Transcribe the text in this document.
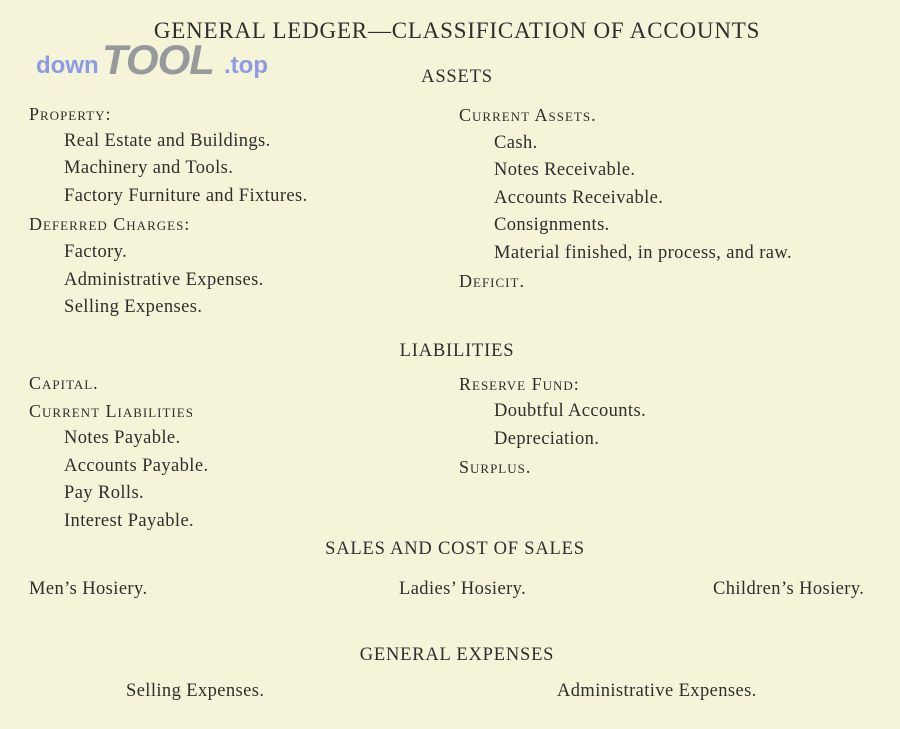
GENERAL LEDGER—CLASSIFICATION OF ACCOUNTS
down TOOL .top	ASSETS
Property:
Real Estate and Buildings.
Machinery and Tools.
Factory Furniture and Fixtures.
Deferred Charges:
Factory.
Administrative Expenses.
Selling Expenses.
Current Assets.
Cash.
Notes Receivable.
Accounts Receivable.
Consignments.
Material finished, in process, and raw.
Deficit.
LIABILITIES
Capital.
Current Liabilities
Notes Payable.
Accounts Payable.
Pay Rolls.
Interest Payable.
Reserve Fund:
Doubtful Accounts.
Depreciation.
Surplus.
SALES AND COST OF SALES
Men’s Hosiery.	Ladies’ Hosiery.	Children’s Hosiery.
GENERAL EXPENSES
Selling Expenses.	Administrative Expenses.
